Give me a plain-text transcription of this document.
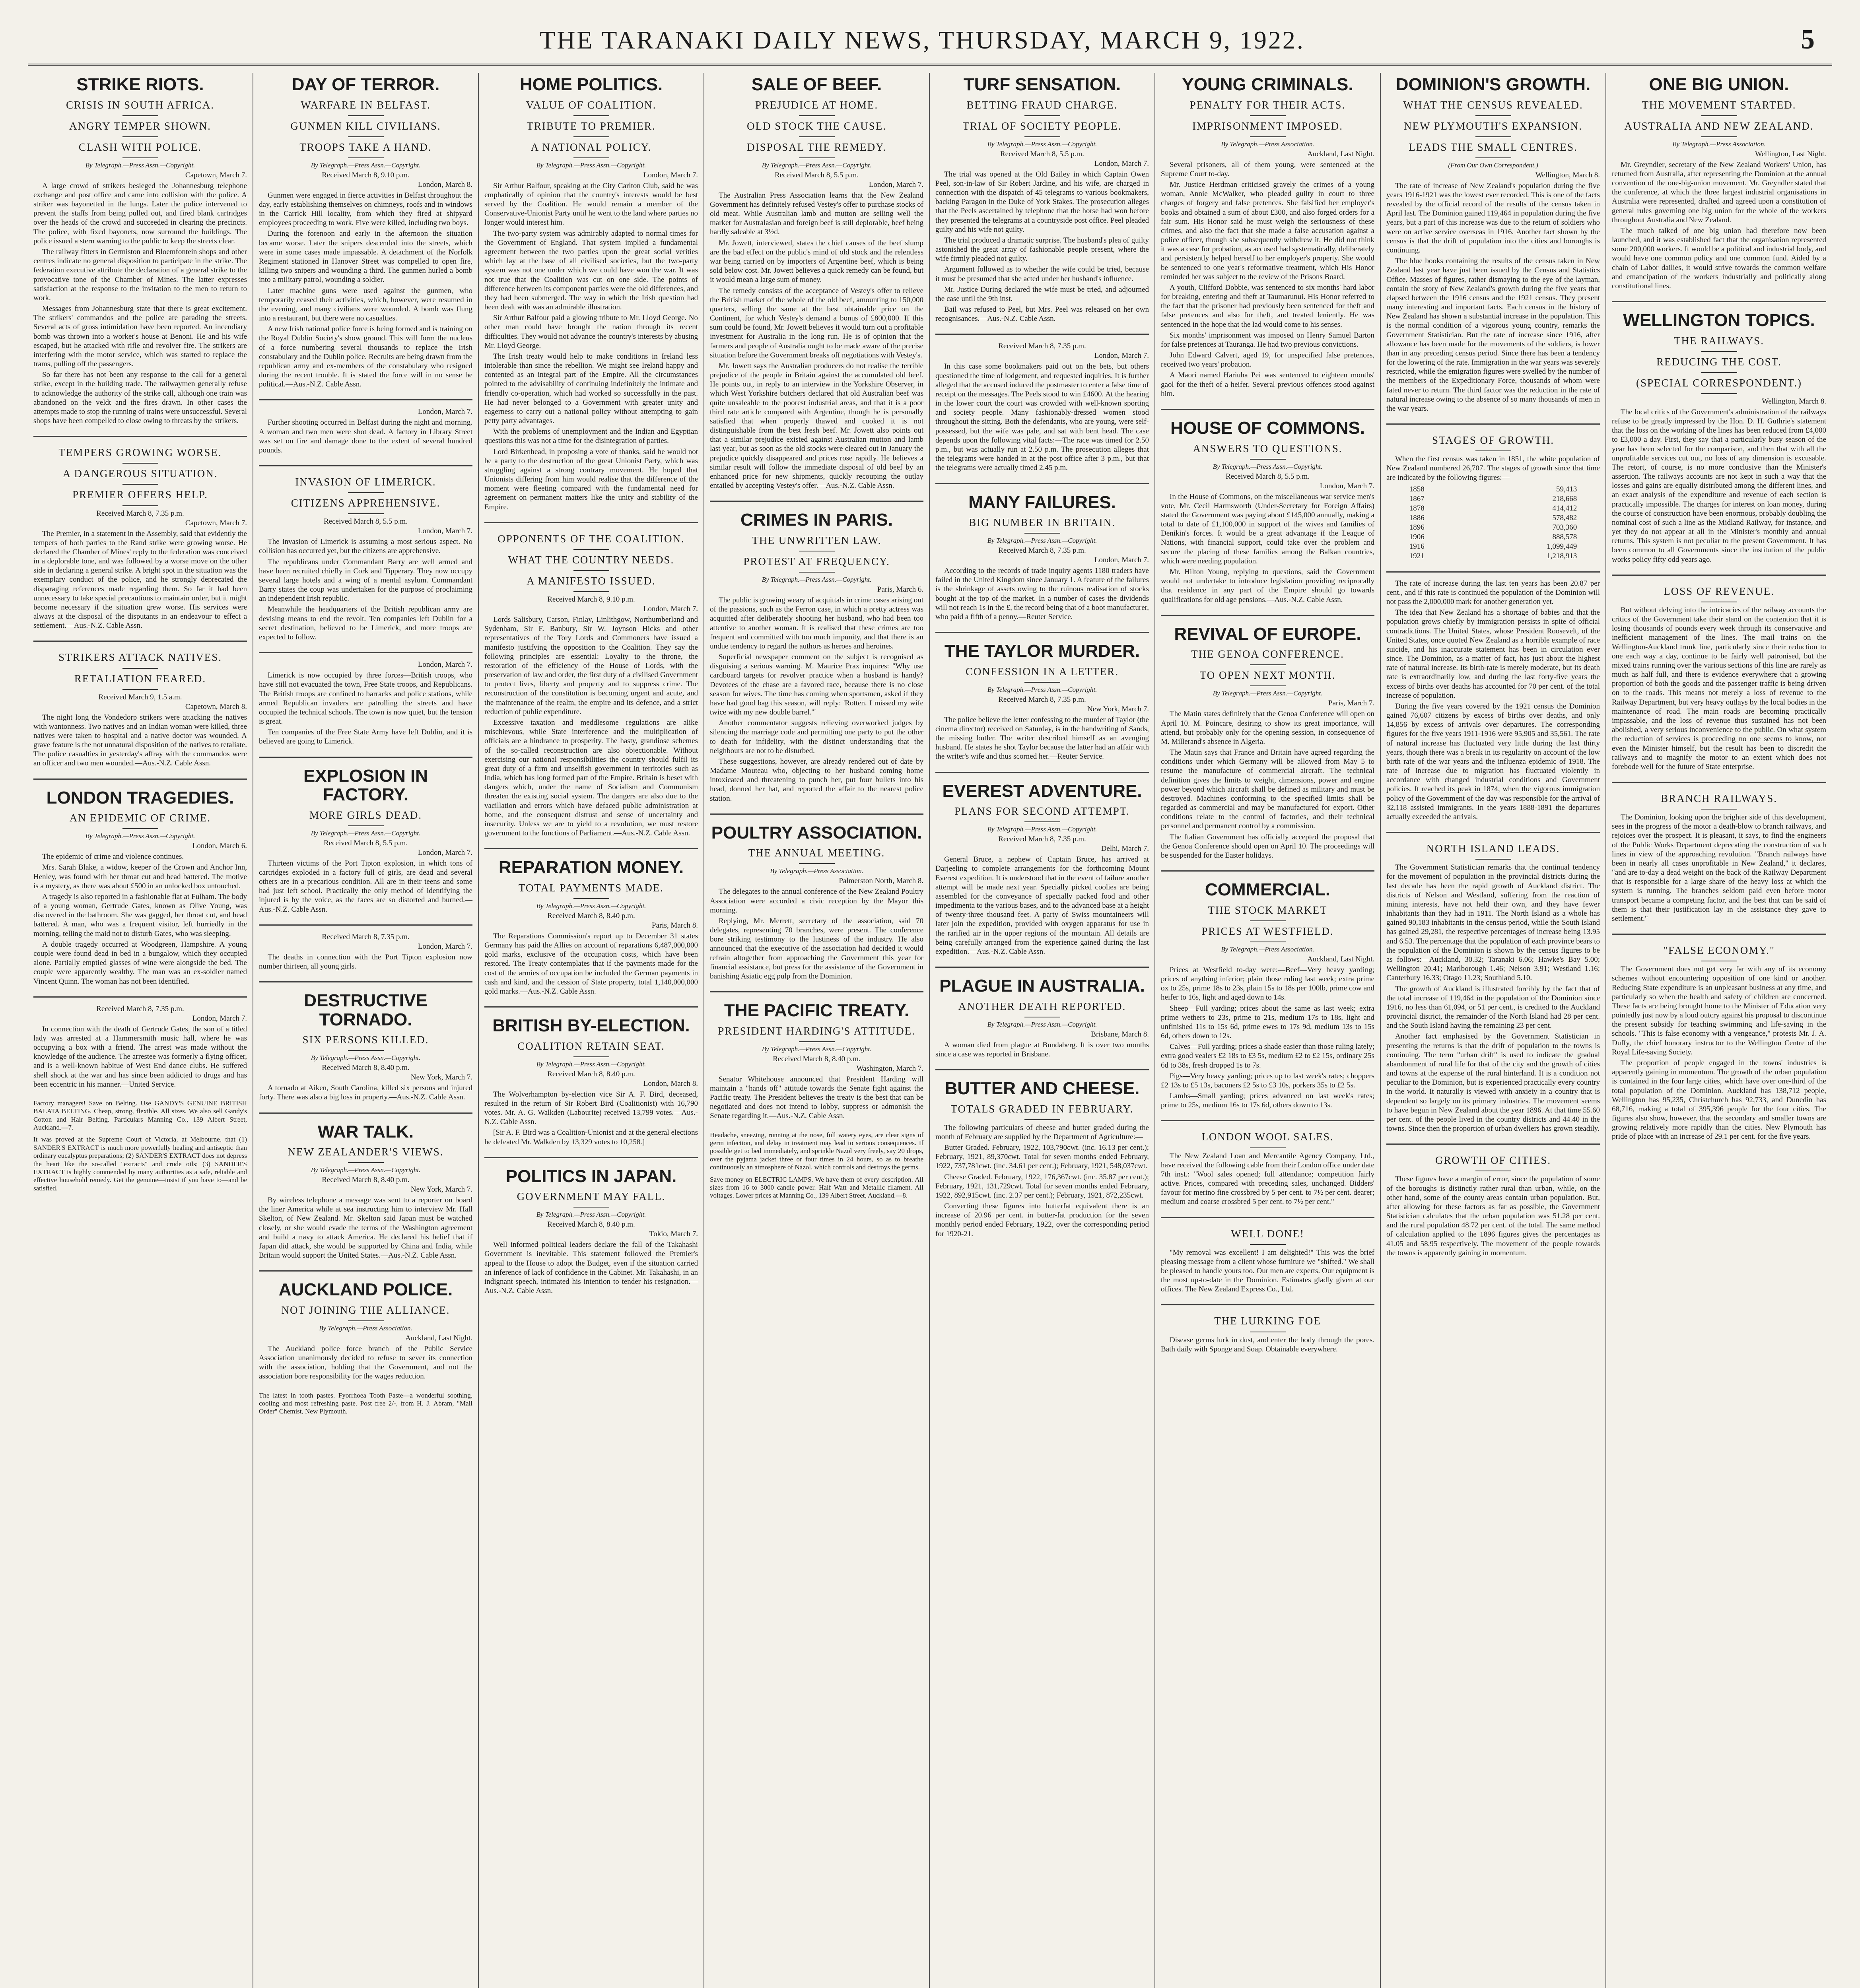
THE TARANAKI DAILY NEWS, THURSDAY, MARCH 9, 1922.	5
STRIKE RIOTS.
CRISIS IN SOUTH AFRICA.
ANGRY TEMPER SHOWN.
CLASH WITH POLICE.
By Telegraph.—Press Assn.—Copyright.
Capetown, March 7.

A large crowd of strikers besieged the Johannesburg telephone exchange and post office and came into collision with the police. A striker was bayonetted in the lungs. Later the police intervened to prevent the staffs from being pulled out, and fired blank cartridges over the heads of the crowd and succeeded in clearing the precincts. The police, with fixed bayonets, now surround the buildings. The police issued a stern warning to the public to keep the streets clear.

The railway fitters in Germiston and Bloemfontein shops and other centres indicate no general disposition to participate in the strike. The federation executive attribute the declaration of a general strike to the provocative tone of the Chamber of Mines. The latter expresses satisfaction at the response to the invitation to the men to return to work.

Messages from Johannesburg state that there is great excitement. The strikers' commandos and the police are parading the streets. Several acts of gross intimidation have been reported. An incendiary bomb was thrown into a worker's house at Benoni. He and his wife escaped, but he attacked with rifle and revolver fire. The strikers are interfering with the motor service, which was started to replace the trams, pulling off the passengers.

So far there has not been any response to the call for a general strike, except in the building trade. The railwaymen generally refuse to acknowledge the authority of the strike call, although one train was abandoned on the veldt and the fires drawn. In other cases the attempts made to stop the running of trains were unsuccessful. Several shops have been compelled to close owing to threats by the strikers.

TEMPERS GROWING WORSE.
A DANGEROUS SITUATION.
PREMIER OFFERS HELP.
Received March 8, 7.35 p.m.
Capetown, March 7.

The Premier, in a statement in the Assembly, said that evidently the tempers of both parties to the Rand strike were growing worse. He declared the Chamber of Mines' reply to the federation was conceived in a deplorable tone, and was followed by a worse move on the other side in declaring a general strike. A bright spot in the situation was the exemplary conduct of the police, and he strongly deprecated the disparaging references made regarding them. So far it had been unnecessary to take special precautions to maintain order, but it might become necessary if the situation grew worse. His services were always at the disposal of the disputants in an endeavour to effect a settlement.—Aus.-N.Z. Cable Assn.

STRIKERS ATTACK NATIVES.
RETALIATION FEARED.
Received March 9, 1.5 a.m.
Capetown, March 8.

The night long the Vondedorp strikers were attacking the natives with wantonness. Two natives and an Indian woman were killed, three natives were taken to hospital and a native doctor was wounded. A grave feature is the not unnatural disposition of the natives to retaliate. The police casualties in yesterday's affray with the commandos were an officer and two men wounded.—Aus.-N.Z. Cable Assn.

LONDON TRAGEDIES.
AN EPIDEMIC OF CRIME.
By Telegraph.—Press Assn.—Copyright.
London, March 6.

The epidemic of crime and violence continues.

Mrs. Sarah Blake, a widow, keeper of the Crown and Anchor Inn, Henley, was found with her throat cut and head battered. The motive is a mystery, as there was about £500 in an unlocked box untouched.

A tragedy is also reported in a fashionable flat at Fulham. The body of a young woman, Gertrude Gates, known as Olive Young, was discovered in the bathroom. She was gagged, her throat cut, and head battered. A man, who was a frequent visitor, left hurriedly in the morning, telling the maid not to disturb Gates, who was sleeping.

A double tragedy occurred at Woodgreen, Hampshire. A young couple were found dead in bed in a bungalow, which they occupied alone. Partially emptied glasses of wine were alongside the bed. The couple were apparently wealthy. The man was an ex-soldier named Vincent Quinn. The woman has not been identified.

Received March 8, 7.35 p.m.
London, March 7.

In connection with the death of Gertrude Gates, the son of a titled lady was arrested at a Hammersmith music hall, where he was occupying a box with a friend. The arrest was made without the knowledge of the audience. The arrestee was formerly a flying officer, and is a well-known habitue of West End dance clubs. He suffered shell shock at the war and has since been addicted to drugs and has been eccentric in his manner.—United Service.

Factory managers! Save on Belting. Use GANDY'S GENUINE BRITISH BALATA BELTING. Cheap, strong, flexible. All sizes. We also sell Gandy's Cotton and Hair Belting. Particulars Manning Co., 139 Albert Street, Auckland.—7.

It was proved at the Supreme Court of Victoria, at Melbourne, that (1) SANDER'S EXTRACT is much more powerfully healing and antiseptic than ordinary eucalyptus preparations; (2) SANDER'S EXTRACT does not depress the heart like the so-called "extracts" and crude oils; (3) SANDER'S EXTRACT is highly commended by many authorities as a safe, reliable and effective household remedy. Get the genuine—insist if you have to—and be satisfied.

DAY OF TERROR.
WARFARE IN BELFAST.
GUNMEN KILL CIVILIANS.
TROOPS TAKE A HAND.
By Telegraph.—Press Assn.—Copyright.
Received March 8, 9.10 p.m.
London, March 8.

Gunmen were engaged in fierce activities in Belfast throughout the day, early establishing themselves on chimneys, roofs and in windows in the Carrick Hill locality, from which they fired at shipyard employees proceeding to work. Five were killed, including two boys.

During the forenoon and early in the afternoon the situation became worse. Later the snipers descended into the streets, which were in some cases made impassable. A detachment of the Norfolk Regiment stationed in Hanover Street was compelled to open fire, killing two snipers and wounding a third. The gunmen hurled a bomb into a military patrol, wounding a soldier.

Later machine guns were used against the gunmen, who temporarily ceased their activities, which, however, were resumed in the evening, and many civilians were wounded. A bomb was flung into a restaurant, but there were no casualties.

A new Irish national police force is being formed and is training on the Royal Dublin Society's show ground. This will form the nucleus of a force numbering several thousands to replace the Irish constabulary and the Dublin police. Recruits are being drawn from the republican army and ex-members of the constabulary who resigned during the recent trouble. It is stated the force will in no sense be political.—Aus.-N.Z. Cable Assn.

London, March 7.

Further shooting occurred in Belfast during the night and morning. A woman and two men were shot dead. A factory in Library Street was set on fire and damage done to the extent of several hundred pounds.

INVASION OF LIMERICK.
CITIZENS APPREHENSIVE.
Received March 8, 5.5 p.m.
London, March 7.

The invasion of Limerick is assuming a most serious aspect. No collision has occurred yet, but the citizens are apprehensive.

The republicans under Commandant Barry are well armed and have been recruited chiefly in Cork and Tipperary. They now occupy several large hotels and a wing of a mental asylum. Commandant Barry states the coup was undertaken for the purpose of proclaiming an independent Irish republic.

Meanwhile the headquarters of the British republican army are devising means to end the revolt. Ten companies left Dublin for a secret destination, believed to be Limerick, and more troops are expected to follow.

London, March 7.

Limerick is now occupied by three forces—British troops, who have still not evacuated the town, Free State troops, and Republicans. The British troops are confined to barracks and police stations, while armed Republican invaders are patrolling the streets and have occupied the technical schools. The town is now quiet, but the tension is great.

Ten companies of the Free State Army have left Dublin, and it is believed are going to Limerick.

EXPLOSION IN FACTORY.
MORE GIRLS DEAD.
By Telegraph.—Press Assn.—Copyright.
Received March 8, 5.5 p.m.
London, March 7.

Thirteen victims of the Port Tipton explosion, in which tons of cartridges exploded in a factory full of girls, are dead and several others are in a precarious condition. All are in their teens and some had just left school. Practically the only method of identifying the injured is by the voice, as the faces are so distorted and burned.—Aus.-N.Z. Cable Assn.

Received March 8, 7.35 p.m.
London, March 7.

The deaths in connection with the Port Tipton explosion now number thirteen, all young girls.

DESTRUCTIVE TORNADO.
SIX PERSONS KILLED.
By Telegraph.—Press Assn.—Copyright.
Received March 8, 8.40 p.m.
New York, March 7.

A tornado at Aiken, South Carolina, killed six persons and injured forty. There was also a big loss in property.—Aus.-N.Z. Cable Assn.

WAR TALK.
NEW ZEALANDER'S VIEWS.
By Telegraph.—Press Assn.—Copyright.
Received March 8, 8.40 p.m.
New York, March 7.

By wireless telephone a message was sent to a reporter on board the liner America while at sea instructing him to interview Mr. Hall Skelton, of New Zealand. Mr. Skelton said Japan must be watched closely, or she would evade the terms of the Washington agreement and build a navy to attack America. He declared his belief that if Japan did attack, she would be supported by China and India, while Britain would support the United States.—Aus.-N.Z. Cable Assn.

AUCKLAND POLICE.
NOT JOINING THE ALLIANCE.
By Telegraph.—Press Association.
Auckland, Last Night.

The Auckland police force branch of the Public Service Association unanimously decided to refuse to sever its connection with the association, holding that the Government, and not the association bore responsibility for the wages reduction.

The latest in tooth pastes. Fyorrhoea Tooth Paste—a wonderful soothing, cooling and most refreshing paste. Post free 2/-, from H. J. Abram, "Mail Order" Chemist, New Plymouth.

HOME POLITICS.
VALUE OF COALITION.
TRIBUTE TO PREMIER.
A NATIONAL POLICY.
By Telegraph.—Press Assn.—Copyright.
London, March 7.

Sir Arthur Balfour, speaking at the City Carlton Club, said he was emphatically of opinion that the country's interests would be best served by the Coalition. He would remain a member of the Conservative-Unionist Party until he went to the land where parties no longer would interest him.

The two-party system was admirably adapted to normal times for the Government of England. That system implied a fundamental agreement between the two parties upon the great social verities which lay at the base of all civilised societies, but the two-party system was not one under which we could have won the war. It was not true that the Coalition was cut on one side. The points of difference between its component parties were the old differences, and they had been submerged. The way in which the Irish question had been dealt with was an admirable illustration.

Sir Arthur Balfour paid a glowing tribute to Mr. Lloyd George. No other man could have brought the nation through its recent difficulties. They would not advance the country's interests by abusing Mr. Lloyd George.

The Irish treaty would help to make conditions in Ireland less intolerable than since the rebellion. We might see Ireland happy and contented as an integral part of the Empire. All the circumstances pointed to the advisability of continuing indefinitely the intimate and friendly co-operation, which had worked so successfully in the past. He had never belonged to a Government with greater unity and eagerness to carry out a national policy without attempting to gain petty party advantages.

With the problems of unemployment and the Indian and Egyptian questions this was not a time for the disintegration of parties.

Lord Birkenhead, in proposing a vote of thanks, said he would not be a party to the destruction of the great Unionist Party, which was struggling against a strong contrary movement. He hoped that Unionists differing from him would realise that the difference of the moment were fleeting compared with the fundamental need for agreement on permanent matters like the unity and stability of the Empire.

OPPONENTS OF THE COALITION.
WHAT THE COUNTRY NEEDS.
A MANIFESTO ISSUED.
Received March 8, 9.10 p.m.
London, March 7.

Lords Salisbury, Carson, Finlay, Linlithgow, Northumberland and Sydenham, Sir F. Banbury, Sir W. Joynson Hicks and other representatives of the Tory Lords and Commoners have issued a manifesto justifying the opposition to the Coalition. They say the following principles are essential: Loyalty to the throne, the restoration of the efficiency of the House of Lords, with the preservation of law and order, the first duty of a civilised Government to protect lives, liberty and property and to suppress crime. The reconstruction of the constitution is becoming urgent and acute, and the maintenance of the realm, the empire and its defence, and a strict reduction of public expenditure.

Excessive taxation and meddlesome regulations are alike mischievous, while State interference and the multiplication of officials are a hindrance to prosperity. The hasty, grandiose schemes of the so-called reconstruction are also objectionable. Without exercising our national responsibilities the country should fulfil its great duty of a firm and unselfish government in territories such as India, which has long formed part of the Empire. Britain is beset with dangers which, under the name of Socialism and Communism threaten the existing social system. The dangers are also due to the vacillation and errors which have defaced public administration at home, and the consequent distrust and sense of uncertainty and insecurity. Unless we are to yield to a revolution, we must restore government to the functions of Parliament.—Aus.-N.Z. Cable Assn.

REPARATION MONEY.
TOTAL PAYMENTS MADE.
By Telegraph.—Press Assn.—Copyright.
Received March 8, 8.40 p.m.
Paris, March 8.

The Reparations Commission's report up to December 31 states Germany has paid the Allies on account of reparations 6,487,000,000 gold marks, exclusive of the occupation costs, which have been restored. The Treaty contemplates that if the payments made for the cost of the armies of occupation be included the German payments in cash and kind, and the cession of State property, total 1,140,000,000 gold marks.—Aus.-N.Z. Cable Assn.

BRITISH BY-ELECTION.
COALITION RETAIN SEAT.
By Telegraph.—Press Assn.—Copyright.
Received March 8, 8.40 p.m.
London, March 8.

The Wolverhampton by-election vice Sir A. F. Bird, deceased, resulted in the return of Sir Robert Bird (Coalitionist) with 16,790 votes. Mr. A. G. Walkden (Labourite) received 13,799 votes.—Aus.-N.Z. Cable Assn.

[Sir A. F. Bird was a Coalition-Unionist and at the general elections he defeated Mr. Walkden by 13,329 votes to 10,258.]

POLITICS IN JAPAN.
GOVERNMENT MAY FALL.
By Telegraph.—Press Assn.—Copyright.
Received March 8, 8.40 p.m.
Tokio, March 7.

Well informed political leaders declare the fall of the Takahashi Government is inevitable. This statement followed the Premier's appeal to the House to adopt the Budget, even if the situation carried an inference of lack of confidence in the Cabinet. Mr. Takahashi, in an indignant speech, intimated his intention to tender his resignation.—Aus.-N.Z. Cable Assn.

SALE OF BEEF.
PREJUDICE AT HOME.
OLD STOCK THE CAUSE.
DISPOSAL THE REMEDY.
By Telegraph.—Press Assn.—Copyright.
Received March 8, 5.5 p.m.
London, March 7.

The Australian Press Association learns that the New Zealand Government has definitely refused Vestey's offer to purchase stocks of old meat. While Australian lamb and mutton are selling well the market for Australasian and foreign beef is still deplorable, beef being hardly saleable at 3½d.

Mr. Jowett, interviewed, states the chief causes of the beef slump are the bad effect on the public's mind of old stock and the relentless war being carried on by importers of Argentine beef, which is being sold below cost. Mr. Jowett believes a quick remedy can be found, but it would mean a large sum of money.

The remedy consists of the acceptance of Vestey's offer to relieve the British market of the whole of the old beef, amounting to 150,000 quarters, selling the same at the best obtainable price on the Continent, for which Vestey's demand a bonus of £800,000. If this sum could be found, Mr. Jowett believes it would turn out a profitable investment for Australia in the long run. He is of opinion that the farmers and people of Australia ought to be made aware of the precise situation before the Government breaks off negotiations with Vestey's.

Mr. Jowett says the Australian producers do not realise the terrible prejudice of the people in Britain against the accumulated old beef. He points out, in reply to an interview in the Yorkshire Observer, in which West Yorkshire butchers declared that old Australian beef was quite unsaleable to the poorest industrial areas, and that it is a poor third rate article compared with Argentine, though he is personally satisfied that when properly thawed and cooked it is not distinguishable from the best fresh beef. Mr. Jowett also points out that a similar prejudice existed against Australian mutton and lamb last year, but as soon as the old stocks were cleared out in January the prejudice quickly disappeared and prices rose rapidly. He believes a similar result will follow the immediate disposal of old beef by an enhanced price for new shipments, quickly recouping the outlay entailed by accepting Vestey's offer.—Aus.-N.Z. Cable Assn.

CRIMES IN PARIS.
THE UNWRITTEN LAW.
PROTEST AT FREQUENCY.
By Telegraph.—Press Assn.—Copyright.
Paris, March 6.

The public is growing weary of acquittals in crime cases arising out of the passions, such as the Ferron case, in which a pretty actress was acquitted after deliberately shooting her husband, who had been too attentive to another woman. It is realised that these crimes are too frequent and committed with too much impunity, and that there is an undue tendency to regard the authors as heroes and heroines.

Superficial newspaper comment on the subject is recognised as disguising a serious warning. M. Maurice Prax inquires: "Why use cardboard targets for revolver practice when a husband is handy? Devotees of the chase are a favored race, because there is no close season for wives. The time has coming when sportsmen, asked if they have had good bag this season, will reply: 'Rotten. I missed my wife twice with my new double barrel.'"

Another commentator suggests relieving overworked judges by silencing the marriage code and permitting one party to put the other to death for infidelity, with the distinct understanding that the neighbours are not to be disturbed.

These suggestions, however, are already rendered out of date by Madame Mouteau who, objecting to her husband coming home intoxicated and threatening to punch her, put four bullets into his head, donned her hat, and reported the affair to the nearest police station.

POULTRY ASSOCIATION.
THE ANNUAL MEETING.
By Telegraph.—Press Association.
Palmerston North, March 8.

The delegates to the annual conference of the New Zealand Poultry Association were accorded a civic reception by the Mayor this morning.

Replying, Mr. Merrett, secretary of the association, said 70 delegates, representing 70 branches, were present. The conference bore striking testimony to the lustiness of the industry. He also announced that the executive of the association had decided it would refrain altogether from approaching the Government this year for financial assistance, but press for the assistance of the Government in banishing Asiatic egg pulp from the Dominion.

THE PACIFIC TREATY.
PRESIDENT HARDING'S ATTITUDE.
By Telegraph.—Press Assn.—Copyright.
Received March 8, 8.40 p.m.
Washington, March 7.

Senator Whitehouse announced that President Harding will maintain a "hands off" attitude towards the Senate fight against the Pacific treaty. The President believes the treaty is the best that can be negotiated and does not intend to lobby, suppress or admonish the Senate regarding it.—Aus.-N.Z. Cable Assn.

Headache, sneezing, running at the nose, full watery eyes, are clear signs of germ infection, and delay in treatment may lead to serious consequences. If possible get to bed immediately, and sprinkle Nazol very freely, say 20 drops, over the pyjama jacket three or four times in 24 hours, so as to breathe continuously an atmosphere of Nazol, which controls and destroys the germs.

Save money on ELECTRIC LAMPS. We have them of every description. All sizes from 16 to 3000 candle power. Half Watt and Metallic filament. All voltages. Lower prices at Manning Co., 139 Albert Street, Auckland.—8.

TURF SENSATION.
BETTING FRAUD CHARGE.
TRIAL OF SOCIETY PEOPLE.
By Telegraph.—Press Assn.—Copyright.
Received March 8, 5.5 p.m.
London, March 7.

The trial was opened at the Old Bailey in which Captain Owen Peel, son-in-law of Sir Robert Jardine, and his wife, are charged in connection with the dispatch of 45 telegrams to various bookmakers, backing Paragon in the Duke of York Stakes. The prosecution alleges that the Peels ascertained by telephone that the horse had won before they presented the telegrams at a countryside post office. Peel pleaded guilty and his wife not guilty.

The trial produced a dramatic surprise. The husband's plea of guilty astonished the great array of fashionable people present, where the wife firmly pleaded not guilty.

Argument followed as to whether the wife could be tried, because it must be presumed that she acted under her husband's influence.

Mr. Justice During declared the wife must be tried, and adjourned the case until the 9th inst.

Bail was refused to Peel, but Mrs. Peel was released on her own recognisances.—Aus.-N.Z. Cable Assn.

Received March 8, 7.35 p.m.
London, March 7.

In this case some bookmakers paid out on the bets, but others questioned the time of lodgement, and requested inquiries. It is further alleged that the accused induced the postmaster to enter a false time of receipt on the messages. The Peels stood to win £4600. At the hearing in the lower court the court was crowded with well-known sporting and society people. Many fashionably-dressed women stood throughout the sitting. Both the defendants, who are young, were self-possessed, but the wife was pale, and sat with bent head. The case depends upon the following vital facts:—The race was timed for 2.50 p.m., but was actually run at 2.50 p.m. The prosecution alleges that the telegrams were handed in at the post office after 3 p.m., but that the telegrams were actually timed 2.45 p.m.

MANY FAILURES.
BIG NUMBER IN BRITAIN.
By Telegraph.—Press Assn.—Copyright.
Received March 8, 7.35 p.m.
London, March 7.

According to the records of trade inquiry agents 1180 traders have failed in the United Kingdom since January 1. A feature of the failures is the shrinkage of assets owing to the ruinous realisation of stocks bought at the top of the market. In a number of cases the dividends will not reach 1s in the £, the record being that of a boot manufacturer, who paid a fifth of a penny.—Reuter Service.

THE TAYLOR MURDER.
CONFESSION IN A LETTER.
By Telegraph.—Press Assn.—Copyright.
Received March 8, 7.35 p.m.
New York, March 7.

The police believe the letter confessing to the murder of Taylor (the cinema director) received on Saturday, is in the handwriting of Sands, the missing butler. The writer described himself as an avenging husband. He states he shot Taylor because the latter had an affair with the writer's wife and thus scorned her.—Reuter Service.

EVEREST ADVENTURE.
PLANS FOR SECOND ATTEMPT.
By Telegraph.—Press Assn.—Copyright.
Received March 8, 7.35 p.m.
Delhi, March 7.

General Bruce, a nephew of Captain Bruce, has arrived at Darjeeling to complete arrangements for the forthcoming Mount Everest expedition. It is understood that in the event of failure another attempt will be made next year. Specially picked coolies are being assembled for the conveyance of specially packed food and other impedimenta to the various bases, and to the advanced base at a height of twenty-three thousand feet. A party of Swiss mountaineers will later join the expedition, provided with oxygen apparatus for use in the rarified air in the upper regions of the mountain. All details are being carefully arranged from the experience gained during the last expedition.—Aus.-N.Z. Cable Assn.

PLAGUE IN AUSTRALIA.
ANOTHER DEATH REPORTED.
By Telegraph.—Press Assn.—Copyright.
Brisbane, March 8.

A woman died from plague at Bundaberg. It is over two months since a case was reported in Brisbane.

BUTTER AND CHEESE.
TOTALS GRADED IN FEBRUARY.

The following particulars of cheese and butter graded during the month of February are supplied by the Department of Agriculture:—

Butter Graded. February, 1922, 103,790cwt. (inc. 16.13 per cent.); February, 1921, 89,370cwt. Total for seven months ended February, 1922, 737,781cwt. (inc. 34.61 per cent.); February, 1921, 548,037cwt.

Cheese Graded. February, 1922, 176,367cwt. (inc. 35.87 per cent.); February, 1921, 131,729cwt. Total for seven months ended February, 1922, 892,915cwt. (inc. 2.37 per cent.); February, 1921, 872,235cwt.

Converting these figures into butterfat equivalent there is an increase of 20.96 per cent. in butter-fat production for the seven monthly period ended February, 1922, over the corresponding period for 1920-21.

YOUNG CRIMINALS.
PENALTY FOR THEIR ACTS.
IMPRISONMENT IMPOSED.
By Telegraph.—Press Association.
Auckland, Last Night.

Several prisoners, all of them young, were sentenced at the Supreme Court to-day.

Mr. Justice Herdman criticised gravely the crimes of a young woman, Annie McWalker, who pleaded guilty in court to three charges of forgery and false pretences. She falsified her employer's books and obtained a sum of about £300, and also forged orders for a fair sum. His Honor said he must weigh the seriousness of these crimes, and also the fact that she made a false accusation against a police officer, though she subsequently withdrew it. He did not think it was a case for probation, as accused had systematically, deliberately and persistently helped herself to her employer's property. She would be sentenced to one year's reformative treatment, which His Honor reminded her was subject to the review of the Prisons Board.

A youth, Clifford Dobbie, was sentenced to six months' hard labor for breaking, entering and theft at Taumarunui. His Honor referred to the fact that the prisoner had previously been sentenced for theft and false pretences and also for theft, and treated leniently. He was sentenced in the hope that the lad would come to his senses.

Six months' imprisonment was imposed on Henry Samuel Barton for false pretences at Tauranga. He had two previous convictions.

John Edward Calvert, aged 19, for unspecified false pretences, received two years' probation.

A Maori named Hariuha Pei was sentenced to eighteen months' gaol for the theft of a heifer. Several previous offences stood against him.

HOUSE OF COMMONS.
ANSWERS TO QUESTIONS.
By Telegraph.—Press Assn.—Copyright.
Received March 8, 5.5 p.m.
London, March 7.

In the House of Commons, on the miscellaneous war service men's vote, Mr. Cecil Harmsworth (Under-Secretary for Foreign Affairs) stated the Government was paying about £145,000 annually, making a total to date of £1,100,000 in support of the wives and families of Denikin's forces. It would be a great advantage if the League of Nations, with financial support, could take over the problem and secure the placing of these families among the Balkan countries, which were needing population.

Mr. Hilton Young, replying to questions, said the Government would not undertake to introduce legislation providing reciprocally that residence in any part of the Empire should go towards qualifications for old age pensions.—Aus.-N.Z. Cable Assn.

REVIVAL OF EUROPE.
THE GENOA CONFERENCE.
TO OPEN NEXT MONTH.
By Telegraph.—Press Assn.—Copyright.
Paris, March 7.

The Matin states definitely that the Genoa Conference will open on April 10. M. Poincare, desiring to show its great importance, will attend, but probably only for the opening session, in consequence of M. Millerand's absence in Algeria.

The Matin says that France and Britain have agreed regarding the conditions under which Germany will be allowed from May 5 to resume the manufacture of commercial aircraft. The technical definition gives the limits to weight, dimensions, power and engine power beyond which aircraft shall be defined as military and must be destroyed. Machines conforming to the specified limits shall be regarded as commercial and may be manufactured for export. Other conditions relate to the control of factories, and their technical personnel and permanent control by a commission.

The Italian Government has officially accepted the proposal that the Genoa Conference should open on April 10. The proceedings will be suspended for the Easter holidays.

COMMERCIAL.
THE STOCK MARKET
PRICES AT WESTFIELD.
By Telegraph.—Press Association.
Auckland, Last Night.

Prices at Westfield to-day were:—Beef—Very heavy yarding; prices of anything inferior; plain those ruling last week; extra prime ox to 25s, prime 18s to 23s, plain 15s to 18s per 100lb, prime cow and heifer to 16s, light and aged down to 14s.

Sheep—Full yarding; prices about the same as last week; extra prime wethers to 23s, prime to 21s, medium 17s to 18s, light and unfinished 11s to 15s 6d, prime ewes to 17s 9d, medium 13s to 15s 6d, others down to 12s.

Calves—Full yarding; prices a shade easier than those ruling lately; extra good vealers £2 18s to £3 5s, medium £2 to £2 15s, ordinary 25s 6d to 38s, fresh dropped 1s to 7s.

Pigs—Very heavy yarding; prices up to last week's rates; choppers £2 13s to £5 13s, baconers £2 5s to £3 10s, porkers 35s to £2 5s.

Lambs—Small yarding; prices advanced on last week's rates; prime to 25s, medium 16s to 17s 6d, others down to 13s.

LONDON WOOL SALES.

The New Zealand Loan and Mercantile Agency Company, Ltd., have received the following cable from their London office under date 7th inst.: "Wool sales opened; full attendance; competition fairly active. Prices, compared with preceding sales, unchanged. Bidders' favour for merino fine crossbred by 5 per cent. to 7½ per cent. dearer; medium and coarse crossbred 5 per cent. to 7½ per cent."

WELL DONE!

"My removal was excellent! I am delighted!" This was the brief pleasing message from a client whose furniture we "shifted." We shall be pleased to handle yours too. Our men are experts. Our equipment is the most up-to-date in the Dominion. Estimates gladly given at our offices. The New Zealand Express Co., Ltd.

THE LURKING FOE

Disease germs lurk in dust, and enter the body through the pores. Bath daily with Sponge and Soap. Obtainable everywhere.

DOMINION'S GROWTH.
WHAT THE CENSUS REVEALED.
NEW PLYMOUTH'S EXPANSION.
LEADS THE SMALL CENTRES.
(From Our Own Correspondent.)
Wellington, March 8.

The rate of increase of New Zealand's population during the five years 1916-1921 was the lowest ever recorded. This is one of the facts revealed by the official record of the results of the census taken in April last. The Dominion gained 119,464 in population during the five years, but a part of this increase was due to the return of soldiers who were on active service overseas in 1916. Another fact shown by the census is that the drift of population into the cities and boroughs is continuing.

The blue books containing the results of the census taken in New Zealand last year have just been issued by the Census and Statistics Office. Masses of figures, rather dismaying to the eye of the layman, contain the story of New Zealand's growth during the five years that elapsed between the 1916 census and the 1921 census. They present many interesting and important facts. Each census in the history of New Zealand has shown a substantial increase in the population. This is the normal condition of a vigorous young country, remarks the Government Statistician. But the rate of increase since 1916, after allowance has been made for the movements of the soldiers, is lower than in any preceding census period. Since there has been a tendency for the lowering of the rate. Immigration in the war years was severely restricted, while the emigration figures were swelled by the number of the members of the Expeditionary Force, thousands of whom were fated never to return. The third factor was the reduction in the rate of natural increase owing to the absence of so many thousands of men in the war years.

STAGES OF GROWTH.

When the first census was taken in 1851, the white population of New Zealand numbered 26,707. The stages of growth since that time are indicated by the following figures:—

1858	59,413
1867	218,668
1878	414,412
1886	578,482
1896	703,360
1906	888,578
1916	1,099,449
1921	1,218,913

The rate of increase during the last ten years has been 20.87 per cent., and if this rate is continued the population of the Dominion will not pass the 2,000,000 mark for another generation yet.

The idea that New Zealand has a shortage of babies and that the population grows chiefly by immigration persists in spite of official contradictions. The United States, whose President Roosevelt, of the United States, once quoted New Zealand as a horrible example of race suicide, and his inaccurate statement has been in circulation ever since. The Dominion, as a matter of fact, has just about the highest rate of natural increase. Its birth-rate is merely moderate, but its death rate is extraordinarily low, and during the last forty-five years the excess of births over deaths has accounted for 70 per cent. of the total increase of population.

During the five years covered by the 1921 census the Dominion gained 76,607 citizens by excess of births over deaths, and only 14,856 by excess of arrivals over departures. The corresponding figures for the five years 1911-1916 were 95,905 and 35,561. The rate of natural increase has fluctuated very little during the last thirty years, though there was a break in its regularity on account of the low birth rate of the war years and the influenza epidemic of 1918. The rate of increase due to migration has fluctuated violently in accordance with changed industrial conditions and Government policies. It reached its peak in 1874, when the vigorous immigration policy of the Government of the day was responsible for the arrival of 32,118 assisted immigrants. In the years 1888-1891 the departures actually exceeded the arrivals.

NORTH ISLAND LEADS.

The Government Statistician remarks that the continual tendency for the movement of population in the provincial districts during the last decade has been the rapid growth of Auckland district. The districts of Nelson and Westland, suffering from the reaction of mining interests, have not held their own, and they have fewer inhabitants than they had in 1911. The North Island as a whole has gained 90,183 inhabitants in the census period, while the South Island has gained 29,281, the respective percentages of increase being 13.95 and 6.53. The percentage that the population of each province bears to the population of the Dominion is shown by the census figures to be as follows:—Auckland, 30.32; Taranaki 6.06; Hawke's Bay 5.00; Wellington 20.41; Marlborough 1.46; Nelson 3.91; Westland 1.16; Canterbury 16.33; Otago 11.23; Southland 5.10.

The growth of Auckland is illustrated forcibly by the fact that of the total increase of 119,464 in the population of the Dominion since 1916, no less than 61,094, or 51 per cent., is credited to the Auckland provincial district, the remainder of the North Island had 28 per cent. and the South Island having the remaining 23 per cent.

Another fact emphasised by the Government Statistician in presenting the returns is that the drift of population to the towns is continuing. The term "urban drift" is used to indicate the gradual abandonment of rural life for that of the city and the growth of cities and towns at the expense of the rural hinterland. It is a condition not peculiar to the Dominion, but is experienced practically every country in the world. It naturally is viewed with anxiety in a country that is dependent so largely on its primary industries. The movement seems to have begun in New Zealand about the year 1896. At that time 55.60 per cent. of the people lived in the country districts and 44.40 in the towns. Since then the proportion of urban dwellers has grown steadily.

GROWTH OF CITIES.

These figures have a margin of error, since the population of some of the boroughs is distinctly rather rural than urban, while, on the other hand, some of the county areas contain urban population. But, after allowing for these factors as far as possible, the Government Statistician calculates that the urban population was 51.28 per cent. and the rural population 48.72 per cent. of the total. The same method of calculation applied to the 1896 figures gives the percentages as 41.05 and 58.95 respectively. The movement of the people towards the towns is apparently gaining in momentum.

ONE BIG UNION.
THE MOVEMENT STARTED.
AUSTRALIA AND NEW ZEALAND.
By Telegraph.—Press Association.
Wellington, Last Night.

Mr. Greyndler, secretary of the New Zealand Workers' Union, has returned from Australia, after representing the Dominion at the annual convention of the one-big-union movement. Mr. Greyndler stated that the conference, at which the three largest industrial organisations in Australia were represented, drafted and agreed upon a constitution of general rules governing one big union for the whole of the workers throughout Australia and New Zealand.

The much talked of one big union had therefore now been launched, and it was established fact that the organisation represented some 200,000 workers. It would be a political and industrial body, and would have one common policy and one common fund. Aided by a chain of Labor dailies, it would strive towards the common welfare and emancipation of the workers industrially and politically along constitutional lines.

WELLINGTON TOPICS.
THE RAILWAYS.
REDUCING THE COST.
(SPECIAL CORRESPONDENT.)
Wellington, March 8.

The local critics of the Government's administration of the railways refuse to be greatly impressed by the Hon. D. H. Guthrie's statement that the loss on the working of the lines has been reduced from £4,000 to £3,000 a day. First, they say that a particularly busy season of the year has been selected for the comparison, and then that with all the unprofitable services cut out, no loss of any dimension is excusable. The retort, of course, is no more conclusive than the Minister's assertion. The railways accounts are not kept in such a way that the losses and gains are equally distributed among the different lines, and an exact analysis of the expenditure and revenue of each section is practically impossible. The charges for interest on loan money, during the course of construction have been enormous, probably doubling the nominal cost of such a line as the Midland Railway, for instance, and yet they do not appear at all in the Minister's monthly and annual returns. This system is not peculiar to the present Government. It has been common to all Governments since the institution of the public works policy fifty odd years ago.

LOSS OF REVENUE.

But without delving into the intricacies of the railway accounts the critics of the Government take their stand on the contention that it is losing thousands of pounds every week through its conservative and inefficient management of the lines. The mail trains on the Wellington-Auckland trunk line, particularly since their reduction to one each way a day, continue to be fairly well patronised, but the mixed trains running over the various sections of this line are rarely as much as half full, and there is evidence everywhere that a growing proportion of both the goods and the passenger traffic is being driven on to the roads. This means not merely a loss of revenue to the Railway Department, but very heavy outlays by the local bodies in the maintenance of road. The main roads are becoming practically impassable, and the loss of revenue thus sustained has not been abolished, a very serious inconvenience to the public. On what system the reduction of services is proceeding no one seems to know, not even the Minister himself, but the result has been to discredit the railways and to magnify the motor to an extent which does not forebode well for the future of State enterprise.

BRANCH RAILWAYS.

The Dominion, looking upon the brighter side of this development, sees in the progress of the motor a death-blow to branch railways, and rejoices over the prospect. It is pleasant, it says, to find the engineers of the Public Works Department deprecating the construction of such lines in view of the approaching revolution. "Branch railways have been in nearly all cases unprofitable in New Zealand," it declares, "and are to-day a dead weight on the back of the Railway Department that is responsible for a large share of the heavy loss at which the system is running. The branches seldom paid even before motor transport became a competing factor, and the best that can be said of them is that their justification lay in the assistance they gave to settlement."

"FALSE ECONOMY."

The Government does not get very far with any of its economy schemes without encountering opposition of one kind or another. Reducing State expenditure is an unpleasant business at any time, and particularly so when the health and safety of children are concerned. These facts are being brought home to the Minister of Education very pointedly just now by a loud outcry against his proposal to discontinue the present subsidy for teaching swimming and life-saving in the schools. "This is false economy with a vengeance," protests Mr. J. A. Duffy, the chief honorary instructor to the Wellington Centre of the Royal Life-saving Society.

The proportion of people engaged in the towns' industries is apparently gaining in momentum. The growth of the urban population is contained in the four large cities, which have over one-third of the total population of the Dominion. Auckland has 138,712 people, Wellington has 95,235, Christchurch has 92,733, and Dunedin has 68,716, making a total of 395,396 people for the four cities. The figures also show, however, that the secondary and smaller towns are growing relatively more rapidly than the cities. New Plymouth has pride of place with an increase of 29.1 per cent. for the five years.
